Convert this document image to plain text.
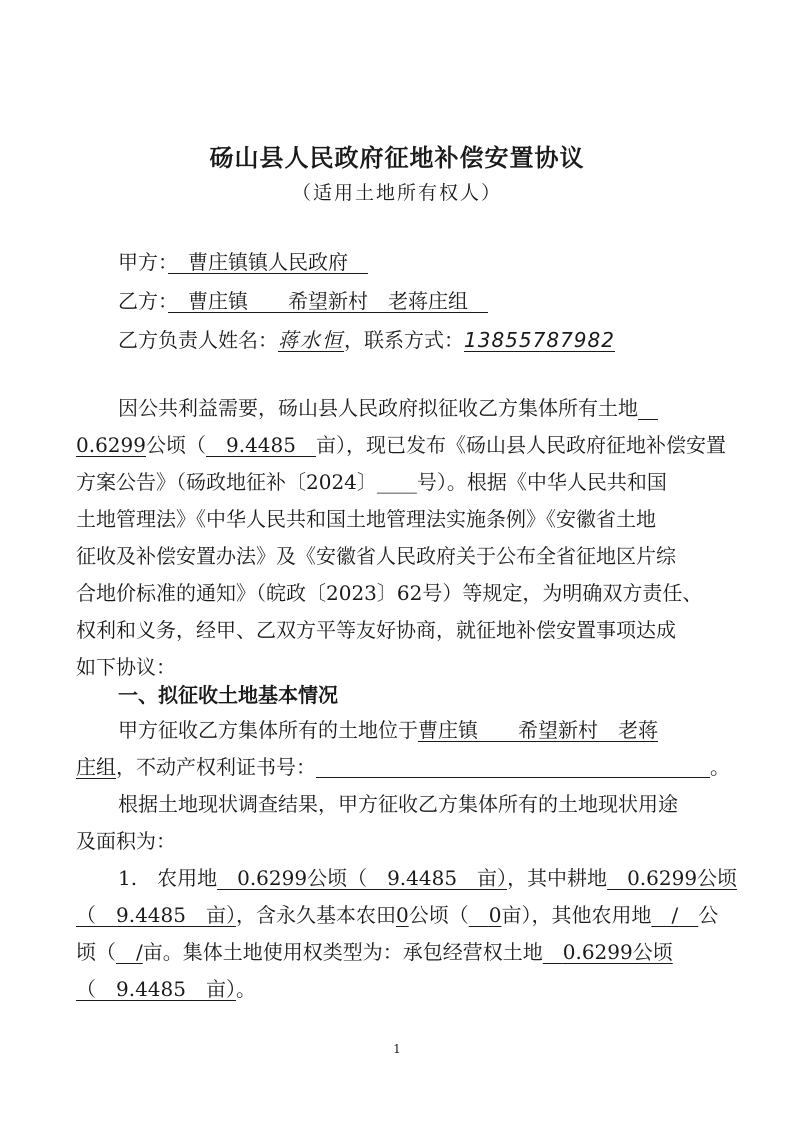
砀山县人民政府征地补偿安置协议
（适用土地所有权人）
甲方：　 曹庄镇镇人民政府　
乙方：　 曹庄镇　　 希望新村　 老蒋庄组　
乙方负责人姓名：蒋水恒，联系方式：13855787982
因公共利益需要，砀山县人民政府拟征收乙方集体所有土地　
0.6299公顷（　 9.4485　 亩），现已发布《砀山县人民政府征地补偿安置
方案公告》（砀政地征补〔2024〕____号）。根据《中华人民共和国
土地管理法》《中华人民共和国土地管理法实施条例》《安徽省土地
征收及补偿安置办法》及《安徽省人民政府关于公布全省征地区片综
合地价标准的通知》（皖政〔2023〕62号）等规定，为明确双方责任、
权利和义务，经甲、乙双方平等友好协商，就征地补偿安置事项达成
如下协议：
一、拟征收土地基本情况
甲方征收乙方集体所有的土地位于曹庄镇　　希望新村　老蒋
庄组，不动产权利证书号：	。
根据土地现状调查结果，甲方征收乙方集体所有的土地现状用途
及面积为：
1.　农用地　 0.6299公顷（　9.4485　亩），其中耕地　 0.6299公顷
（　9.4485　亩），含永久基本农田0公顷（　 0亩），其他农用地　 /　 公
顷（　 /亩。集体土地使用权类型为：承包经营权土地　 0.6299公顷
（　9.4485　亩）。
1
